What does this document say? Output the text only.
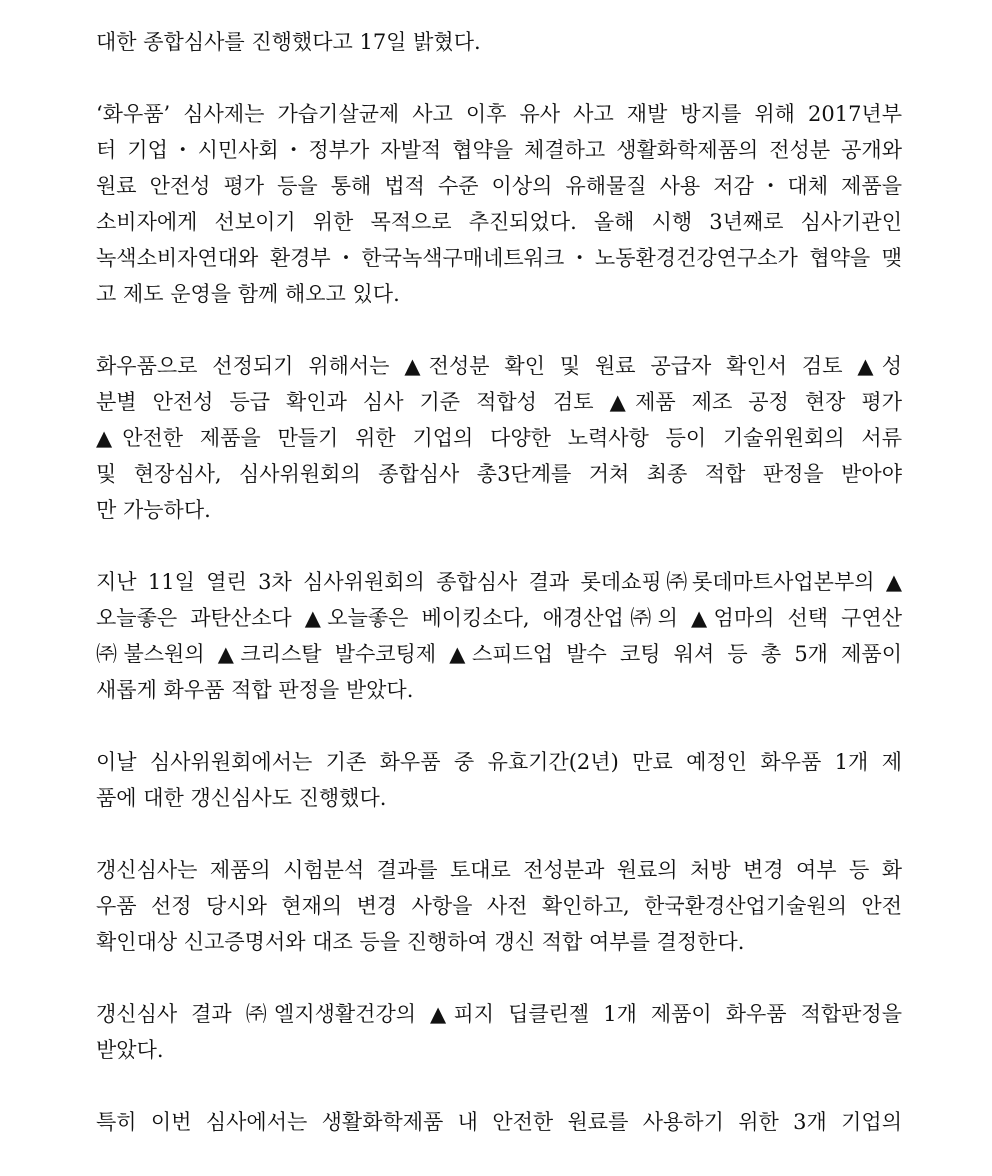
대한 종합심사를 진행했다고 17일 밝혔다.
‘화우품’ 심사제는 가습기살균제 사고 이후 유사 사고 재발 방지를 위해 2017년부
터 기업・시민사회・정부가 자발적 협약을 체결하고 생활화학제품의 전성분 공개와
원료 안전성 평가 등을 통해 법적 수준 이상의 유해물질 사용 저감・대체 제품을
소비자에게 선보이기 위한 목적으로 추진되었다. 올해 시행 3년째로 심사기관인
녹색소비자연대와 환경부・한국녹색구매네트워크・노동환경건강연구소가 협약을 맺
고 제도 운영을 함께 해오고 있다.
화우품으로 선정되기 위해서는 ▲전성분 확인 및 원료 공급자 확인서 검토 ▲성
분별 안전성 등급 확인과 심사 기준 적합성 검토 ▲제품 제조 공정 현장 평가
▲안전한 제품을 만들기 위한 기업의 다양한 노력사항 등이 기술위원회의 서류
및 현장심사, 심사위원회의 종합심사 총3단계를 거쳐 최종 적합 판정을 받아야
만 가능하다.
지난 11일 열린 3차 심사위원회의 종합심사 결과 롯데쇼핑㈜롯데마트사업본부의 ▲
오늘좋은 과탄산소다 ▲오늘좋은 베이킹소다, 애경산업㈜의 ▲엄마의 선택 구연산
㈜불스원의 ▲크리스탈 발수코팅제 ▲스피드업 발수 코팅 워셔 등 총 5개 제품이
새롭게 화우품 적합 판정을 받았다.
이날 심사위원회에서는 기존 화우품 중 유효기간(2년) 만료 예정인 화우품 1개 제
품에 대한 갱신심사도 진행했다.
갱신심사는 제품의 시험분석 결과를 토대로 전성분과 원료의 처방 변경 여부 등 화
우품 선정 당시와 현재의 변경 사항을 사전 확인하고, 한국환경산업기술원의 안전
확인대상 신고증명서와 대조 등을 진행하여 갱신 적합 여부를 결정한다.
갱신심사 결과 ㈜엘지생활건강의 ▲피지 딥클린젤 1개 제품이 화우품 적합판정을
받았다.
특히 이번 심사에서는 생활화학제품 내 안전한 원료를 사용하기 위한 3개 기업의
